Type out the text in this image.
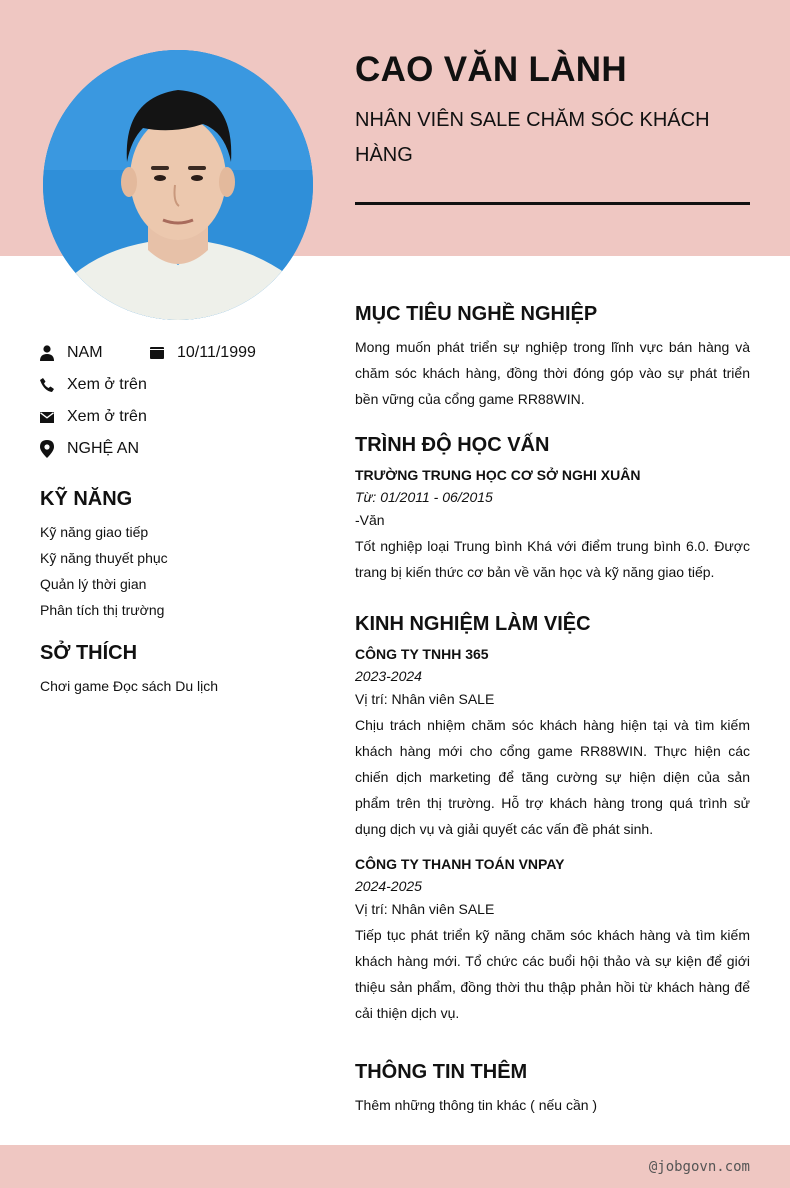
CAO VĂN LÀNH
NHÂN VIÊN SALE CHĂM SÓC KHÁCH HÀNG
NAM	10/11/1999
Xem ở trên
Xem ở trên
NGHỆ AN
KỸ NĂNG
Kỹ năng giao tiếp
Kỹ năng thuyết phục
Quản lý thời gian
Phân tích thị trường
SỞ THÍCH
Chơi game Đọc sách Du lịch
MỤC TIÊU NGHỀ NGHIỆP

Mong muốn phát triển sự nghiệp trong lĩnh vực bán hàng và chăm sóc khách hàng, đồng thời đóng góp vào sự phát triển bền vững của cổng game RR88WIN.

TRÌNH ĐỘ HỌC VẤN

TRƯỜNG TRUNG HỌC CƠ SỞ NGHI XUÂN

Từ: 01/2011 - 06/2015

-Văn

Tốt nghiệp loại Trung bình Khá với điểm trung bình 6.0. Được trang bị kiến thức cơ bản về văn học và kỹ năng giao tiếp.

KINH NGHIỆM LÀM VIỆC

CÔNG TY TNHH 365

2023-2024

Vị trí: Nhân viên SALE

Chịu trách nhiệm chăm sóc khách hàng hiện tại và tìm kiếm khách hàng mới cho cổng game RR88WIN. Thực hiện các chiến dịch marketing để tăng cường sự hiện diện của sản phẩm trên thị trường. Hỗ trợ khách hàng trong quá trình sử dụng dịch vụ và giải quyết các vấn đề phát sinh.

CÔNG TY THANH TOÁN VNPAY

2024-2025

Vị trí: Nhân viên SALE

Tiếp tục phát triển kỹ năng chăm sóc khách hàng và tìm kiếm khách hàng mới. Tổ chức các buổi hội thảo và sự kiện để giới thiệu sản phẩm, đồng thời thu thập phản hồi từ khách hàng để cải thiện dịch vụ.

THÔNG TIN THÊM

Thêm những thông tin khác ( nếu cần )

@jobgovn.com
